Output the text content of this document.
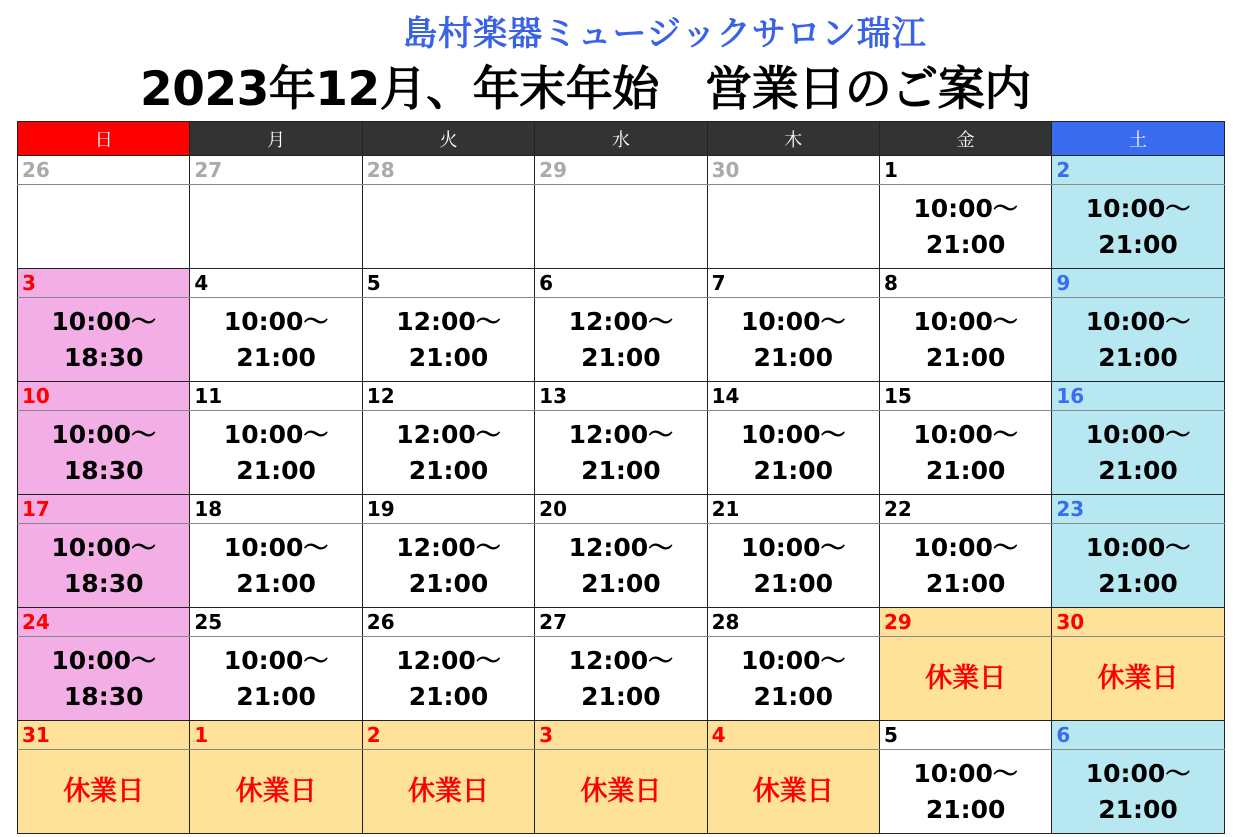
島村楽器ミュージックサロン瑞江
2023年12月、年末年始　営業日のご案内
日	月	火	水	木	金	土
26	27	28	29	30	1	2

					10:00～
21:00	10:00～
21:00

3	4	5	6	7	8	9

10:00～
18:30	10:00～
21:00	12:00～
21:00	12:00～
21:00	10:00～
21:00	10:00～
21:00	10:00～
21:00

10	11	12	13	14	15	16

10:00～
18:30	10:00～
21:00	12:00～
21:00	12:00～
21:00	10:00～
21:00	10:00～
21:00	10:00～
21:00

17	18	19	20	21	22	23

10:00～
18:30	10:00～
21:00	12:00～
21:00	12:00～
21:00	10:00～
21:00	10:00～
21:00	10:00～
21:00

24	25	26	27	28	29	30

10:00～
18:30	10:00～
21:00	12:00～
21:00	12:00～
21:00	10:00～
21:00	休業日	休業日
31	1	2	3	4	5	6
休業日	休業日	休業日	休業日	休業日	10:00～
21:00	10:00～
21:00
